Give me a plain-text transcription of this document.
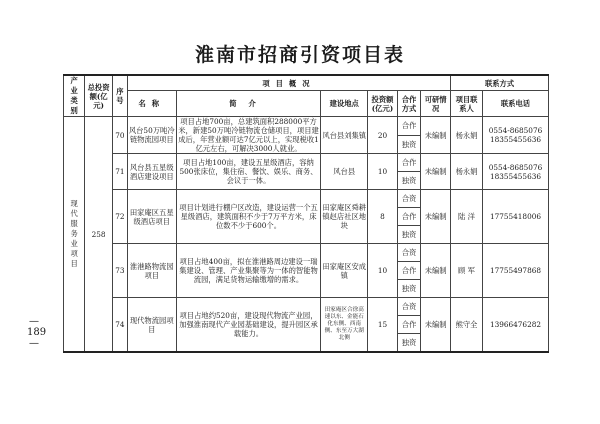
淮南市招商引资项目表
—
189
—
产业类别	总投资额(亿元)	序号	项目概况						联系方式	
			名称	简介	建设地点	投资额(亿元)	合作方式	可研情况	项目联系人	联系电话
现代服务业项目	258	70	风台50万吨冷链物流园项目	项目占地700亩，总建筑面积288000平方米，新建50万吨冷链物流仓储项目，项目建成后，年营业额可达7亿元以上，实现税收1亿元左右，可解决3000人就业。	风台县刘集镇	20	合作	未编制	杨永娟	0554-8685076
18355455636
							独资			
		71	风台县五星级酒店建设项目	项目占地100亩，建设五星级酒店，容纳500张床位，集住宿、餐饮、娱乐、商务、会议于一体。	风台县	10	合作	未编制	杨永娟	0554-8685076
18355455636
							独资			
		72	田家庵区五星级酒店项目	项目计划进行棚户区改造，建设运营一个五星级酒店，建筑面积不少于7万平方米，床位数不少于600个。	田家庵区舜耕镇赵店社区地块	8	合资	未编制	陆 洋	17755418006
							合作			
							独资			
		73	淮港路物流园项目	项目占地400亩，拟在淮港路周边建设一瑞集建设、管理、产业集聚等为一体的智能物流园，满足货物运输缴增的需求。	田家庵区安成镇	10	合资	未编制	顾 军	17755497868
							合作			
							独资			
		74	现代物流园项目	项目占地约520亩，建设现代物流产业园，加强淮南现代产业园基础建设，提升园区承载能力。	田家庵区合徐高速以东、金能石化东侧、西南侧、东至万大湖北侧	15	合资	未编制	熊守全	13966476282
							合作			
							独资			
